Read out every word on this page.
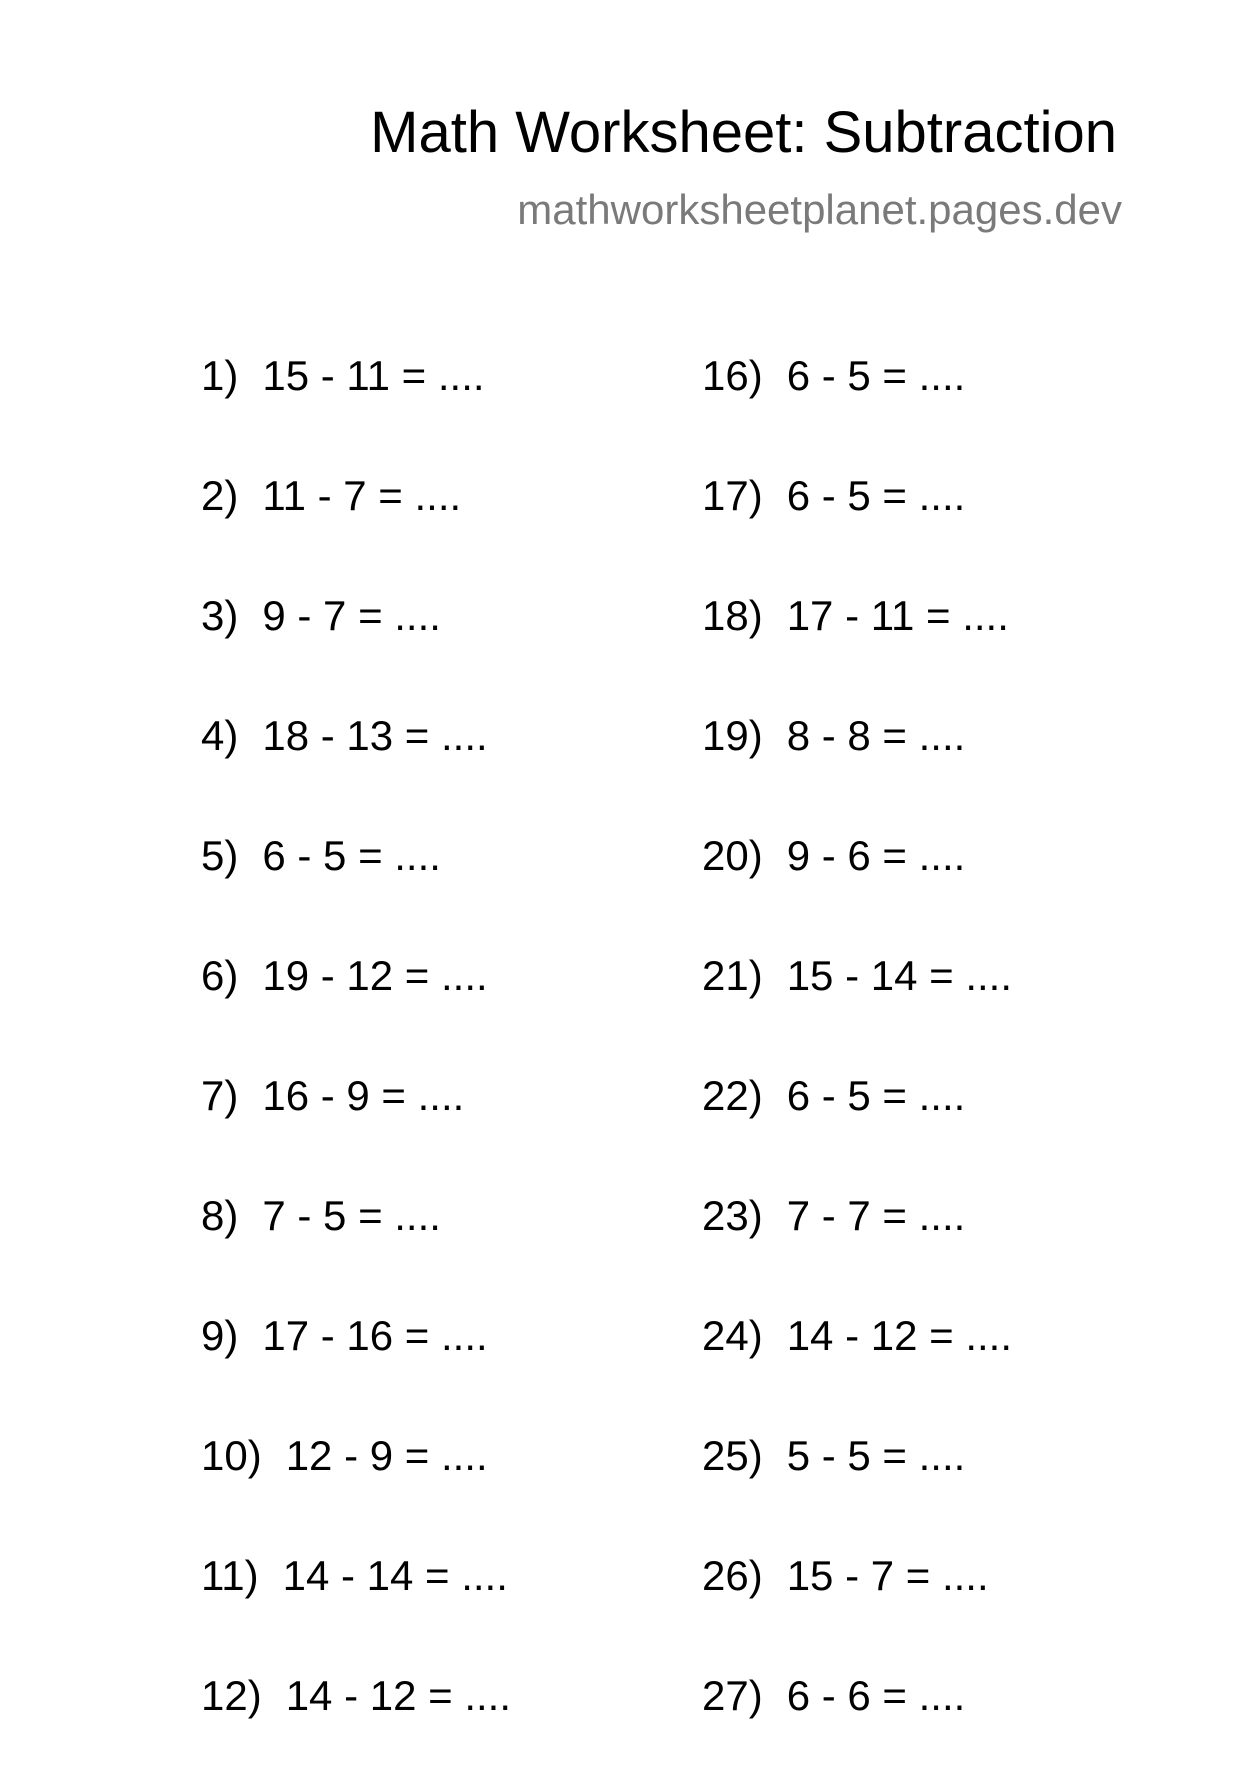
Math Worksheet: Subtraction
mathworksheetplanet.pages.dev
1) 15 - 11 = ....
2) 11 - 7 = ....
3) 9 - 7 = ....
4) 18 - 13 = ....
5) 6 - 5 = ....
6) 19 - 12 = ....
7) 16 - 9 = ....
8) 7 - 5 = ....
9) 17 - 16 = ....
10) 12 - 9 = ....
11) 14 - 14 = ....
12) 14 - 12 = ....
16) 6 - 5 = ....
17) 6 - 5 = ....
18) 17 - 11 = ....
19) 8 - 8 = ....
20) 9 - 6 = ....
21) 15 - 14 = ....
22) 6 - 5 = ....
23) 7 - 7 = ....
24) 14 - 12 = ....
25) 5 - 5 = ....
26) 15 - 7 = ....
27) 6 - 6 = ....
